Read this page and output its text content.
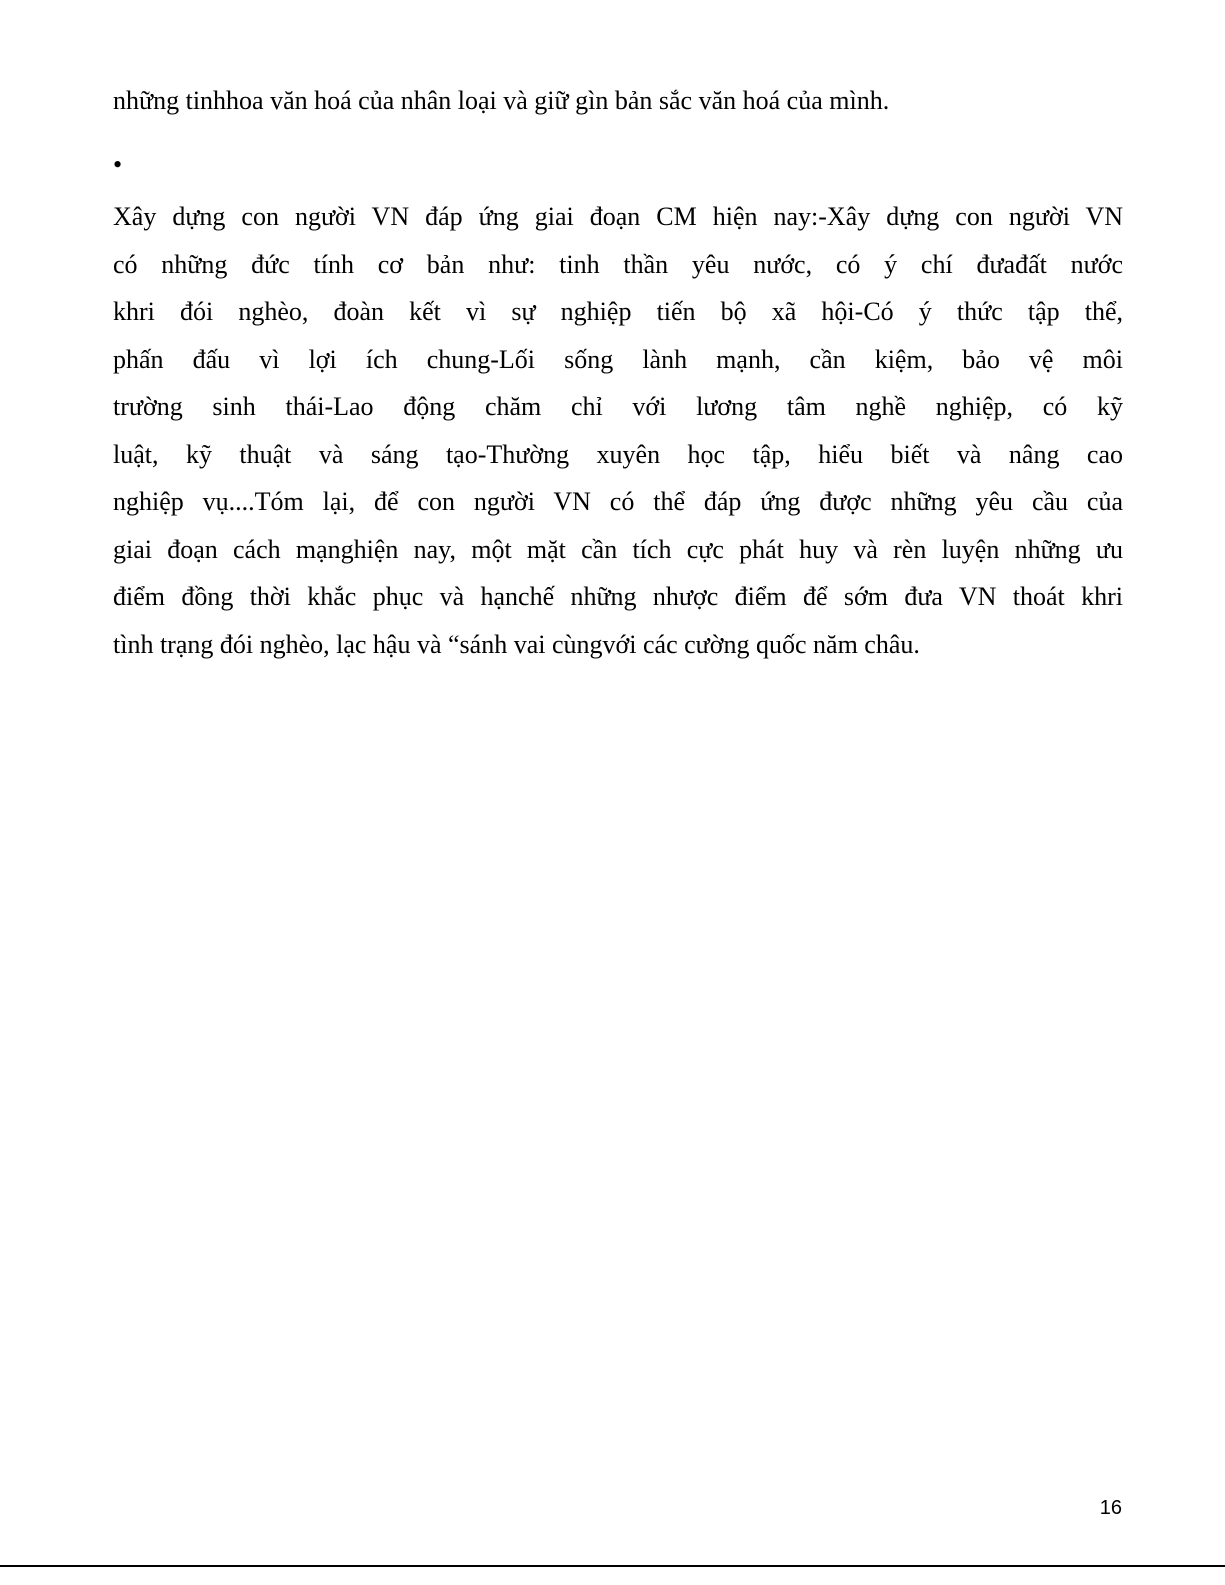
những tinhhoa văn hoá của nhân loại và giữ gìn bản sắc văn hoá của mình.
•
Xây dựng con người VN đáp ứng giai đoạn CM hiện nay:-Xây dựng con người VN
có những đức tính cơ bản như: tinh thần yêu nước, có ý chí đưađất nước
khri đói nghèo, đoàn kết vì sự nghiệp tiến bộ xã hội-Có ý thức tập thể,
phấn đấu vì lợi ích chung-Lối sống lành mạnh, cần kiệm, bảo vệ môi
trường sinh thái-Lao động chăm chỉ với lương tâm nghề nghiệp, có kỹ
luật, kỹ thuật và sáng tạo-Thường xuyên học tập, hiểu biết và nâng cao
nghiệp vụ....Tóm lại, để con người VN có thể đáp ứng được những yêu cầu của
giai đoạn cách mạnghiện nay, một mặt cần tích cực phát huy và rèn luyện những ưu
điểm đồng thời khắc phục và hạnchế những nhược điểm để sớm đưa VN thoát khri
tình trạng đói nghèo, lạc hậu và “sánh vai cùngvới các cường quốc năm châu.
16
